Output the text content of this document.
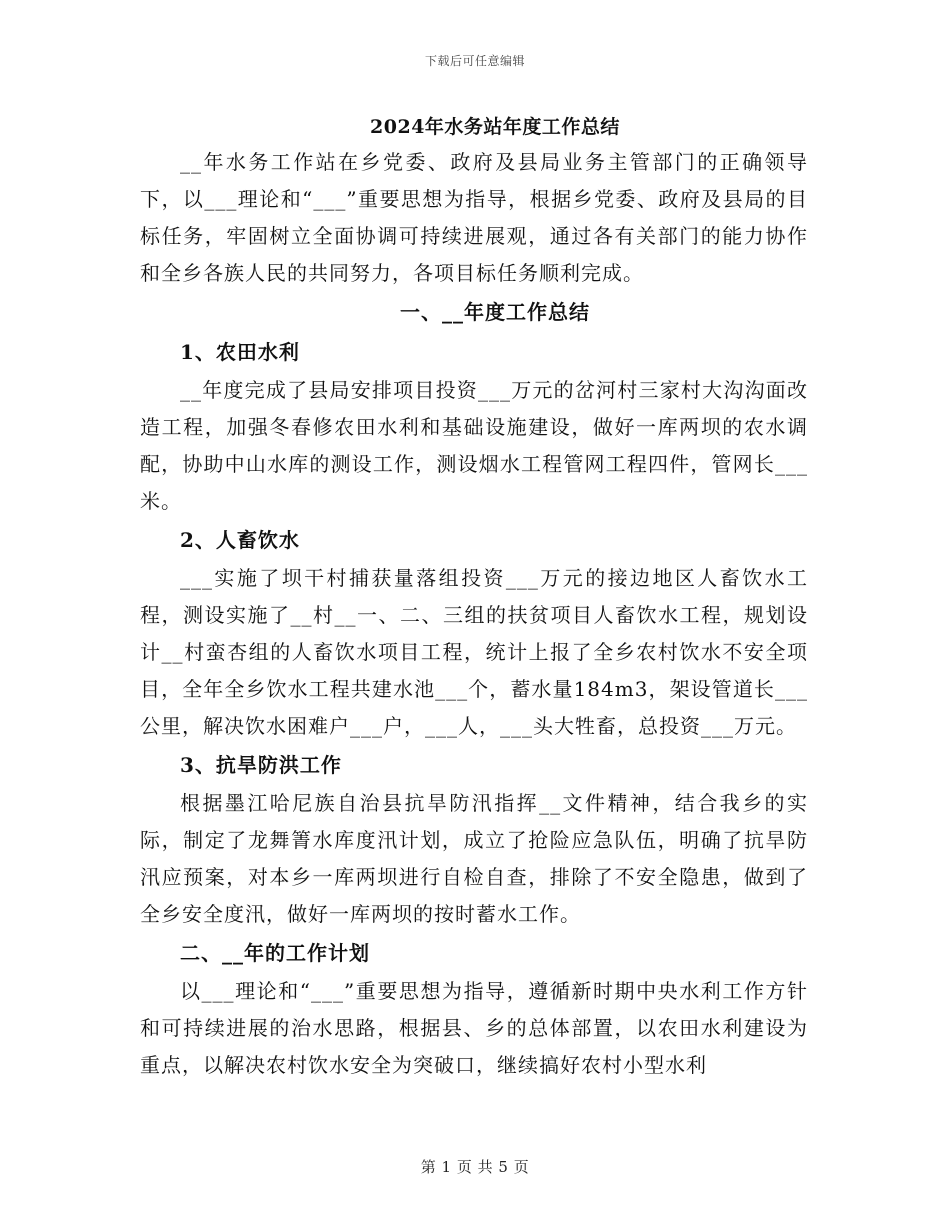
下载后可任意编辑
2024年水务站年度工作总结

__年水务工作站在乡党委、政府及县局业务主管部门的正确领导下，以___理论和“___”重要思想为指导，根据乡党委、政府及县局的目标任务，牢固树立全面协调可持续进展观，通过各有关部门的能力协作和全乡各族人民的共同努力，各项目标任务顺利完成。

一、__年度工作总结
1、农田水利

__年度完成了县局安排项目投资___万元的岔河村三家村大沟沟面改造工程，加强冬春修农田水利和基础设施建设，做好一库两坝的农水调配，协助中山水库的测设工作，测设烟水工程管网工程四件，管网长___米。

2、人畜饮水

___实施了坝干村捕获量落组投资___万元的接边地区人畜饮水工程，测设实施了__村__一、二、三组的扶贫项目人畜饮水工程，规划设计__村蛮杏组的人畜饮水项目工程，统计上报了全乡农村饮水不安全项目，全年全乡饮水工程共建水池___个，蓄水量184m3，架设管道长___公里，解决饮水困难户___户，___人，___头大牲畜，总投资___万元。

3、抗旱防洪工作

根据墨江哈尼族自治县抗旱防汛指挥__文件精神，结合我乡的实际，制定了龙舞箐水库度汛计划，成立了抢险应急队伍，明确了抗旱防汛应预案，对本乡一库两坝进行自检自查，排除了不安全隐患，做到了全乡安全度汛，做好一库两坝的按时蓄水工作。

二、__年的工作计划

以___理论和“___”重要思想为指导，遵循新时期中央水利工作方针和可持续进展的治水思路，根据县、乡的总体部置，以农田水利建设为重点，以解决农村饮水安全为突破口，继续搞好农村小型水利

第 1 页 共 5 页
